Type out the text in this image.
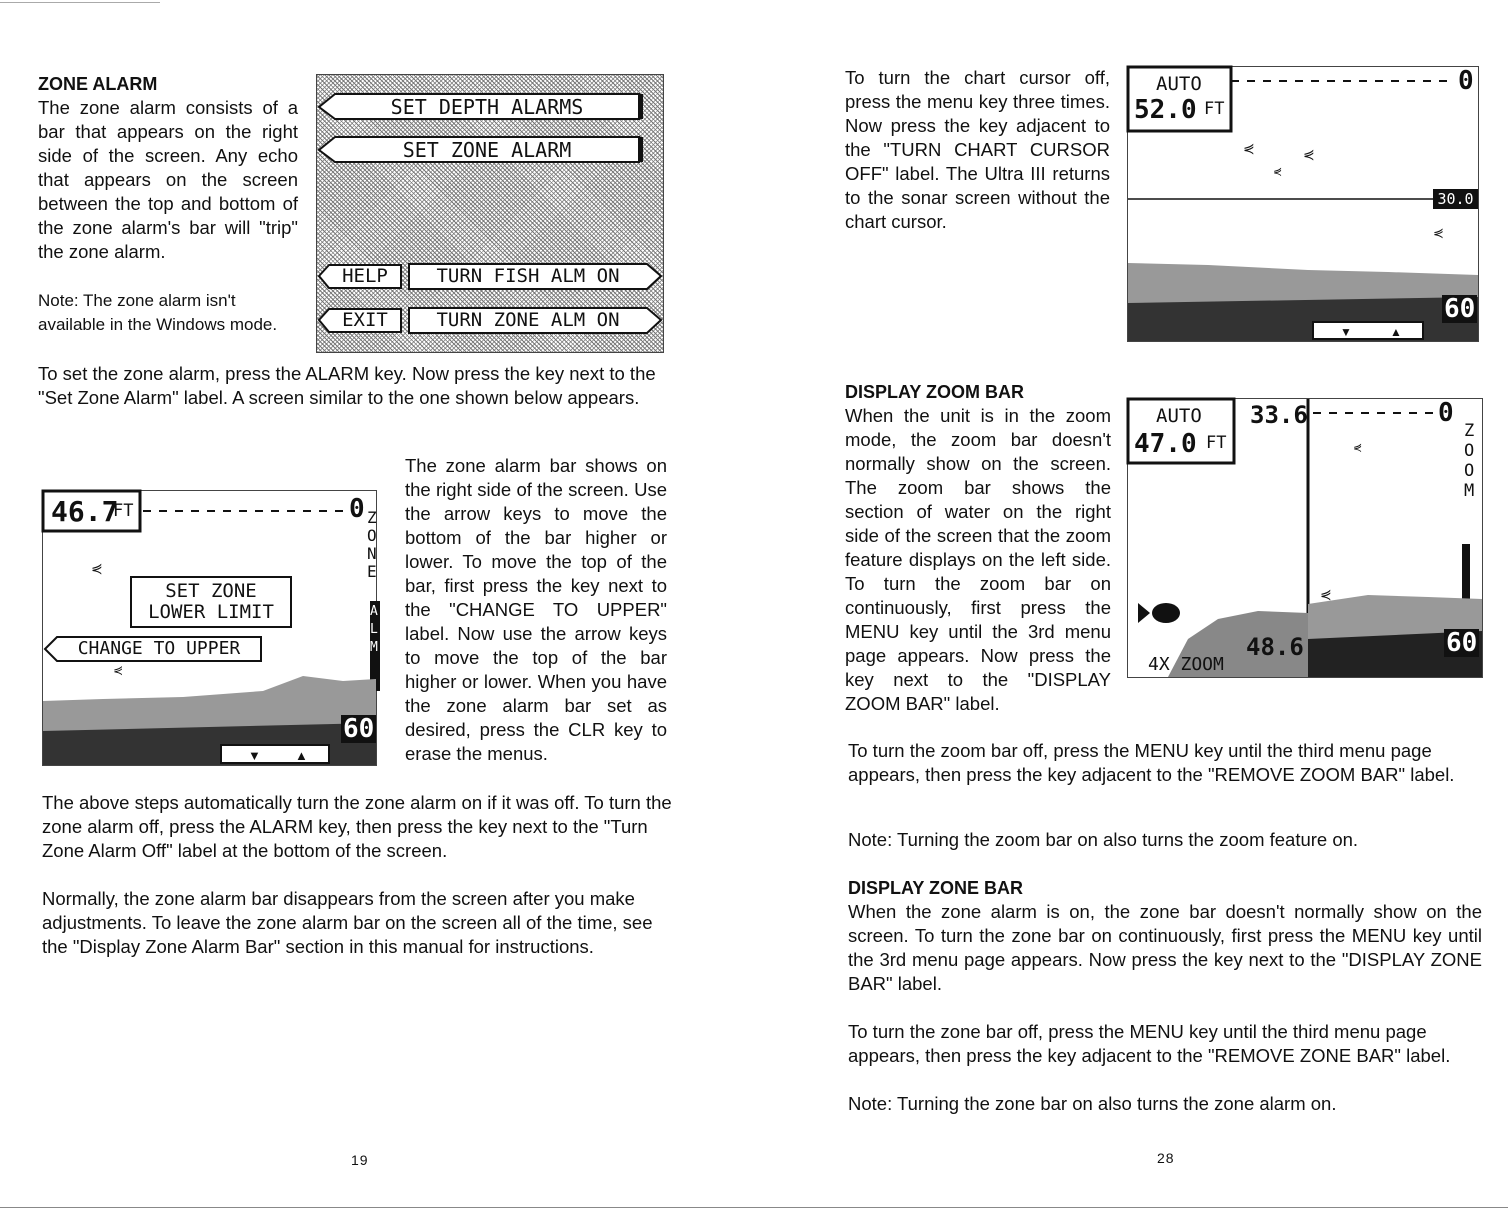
ZONE ALARM
The zone alarm consists of a bar that appears on the right side of the screen. Any echo that appears on the screen between the top and bottom of the zone alarm's bar will "trip" the zone alarm.
Note: The zone alarm isn't available in the Windows mode.
SET DEPTH ALARMS
SET ZONE ALARM
HELP	TURN FISH ALM ON
EXIT	TURN ZONE ALM ON

To set the zone alarm, press the ALARM key. Now press the key next to the "Set Zone Alarm" label. A screen similar to the one shown below appears.

⋞
⋞
▼	▲
46.7
FT	0 ZONE
ALM
SET ZONE
LOWER LIMIT
CHANGE TO UPPER
60
The zone alarm bar shows on the right side of the screen. Use the arrow keys to move the bottom of the bar higher or lower. To move the top of the bar, first press the key next to the "CHANGE TO UPPER" label. Now use the arrow keys to move the top of the bar higher or lower. When you have the zone alarm bar set as desired, press the CLR key to erase the menus.
The above steps automatically turn the zone alarm on if it was off. To turn the zone alarm off, press the ALARM key, then press the key next to the "Turn Zone Alarm Off" label at the bottom of the screen.
Normally, the zone alarm bar disappears from the screen after you make adjustments. To leave the zone alarm bar on the screen all of the time, see the "Display Zone Alarm Bar" section in this manual for instructions.
19
To turn the chart cursor off, press the menu key three times. Now press the key adjacent to the "TURN CHART CURSOR OFF" label. The Ultra III returns to the sonar screen without the chart cursor.
⋞	⋞
⋞
⋞
▼	▲
AUTO
52.0 FT
0
30.0
60
DISPLAY ZOOM BAR
When the unit is in the zoom mode, the zoom bar doesn't normally show on the screen. The zoom bar shows the section of water on the right side of the screen that the zoom feature displays on the left side. To turn the zoom bar on continuously, first press the MENU key until the 3rd menu page appears. Now press the key next to the "DISPLAY ZOOM BAR" label.
⋞
⋞
AUTO
47.0 FT
33.6
48.6
4X ZOOM
0
ZOOM
60
To turn the zoom bar off, press the MENU key until the third menu page appears, then press the key adjacent to the "REMOVE ZOOM BAR" label.
Note: Turning the zoom bar on also turns the zoom feature on.
DISPLAY ZONE BAR
When the zone alarm is on, the zone bar doesn't normally show on the screen. To turn the zone bar on continuously, first press the MENU key until the 3rd menu page appears. Now press the key next to the "DISPLAY ZONE BAR" label.
To turn the zone bar off, press the MENU key until the third menu page appears, then press the key adjacent to the "REMOVE ZONE BAR" label.
Note: Turning the zone bar on also turns the zone alarm on.
28
